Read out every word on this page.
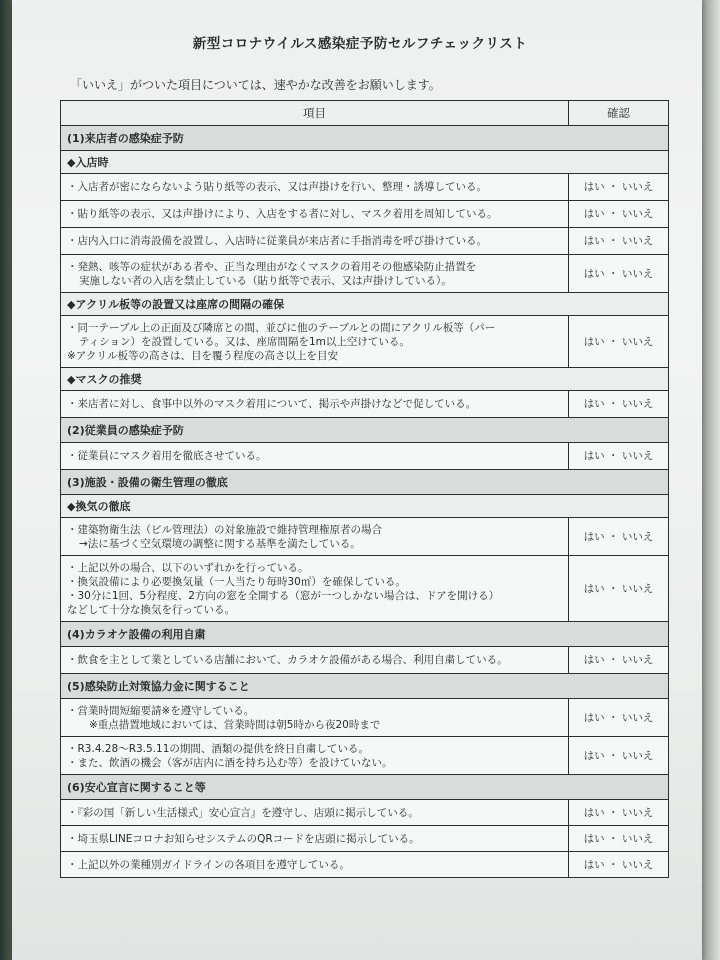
新型コロナウイルス感染症予防セルフチェックリスト
「いいえ」がついた項目については、速やかな改善をお願いします。
項目	確認
(1)来店者の感染症予防	
◆入店時	

・入店者が密にならないよう貼り紙等の表示、又は声掛けを行い、整理・誘導している。	はい ・ いいえ

・貼り紙等の表示、又は声掛けにより、入店をする者に対し、マスク着用を周知している。	はい ・ いいえ

・店内入口に消毒設備を設置し、入店時に従業員が来店者に手指消毒を呼び掛けている。	はい ・ いいえ

・発熱、咳等の症状がある者や、正当な理由がなくマスクの着用その他感染防止措置を
実施しない者の入店を禁止している（貼り紙等で表示、又は声掛けしている）。	はい ・ いいえ
◆アクリル板等の設置又は座席の間隔の確保	

・同一テーブル上の正面及び隣席との間、並びに他のテーブルとの間にアクリル板等（パー
ティション）を設置している。又は、座席間隔を1m以上空けている。
※アクリル板等の高さは、目を覆う程度の高さ以上を目安	はい ・ いいえ
◆マスクの推奨	

・来店者に対し、食事中以外のマスク着用について、掲示や声掛けなどで促している。	はい ・ いいえ
(2)従業員の感染症予防	

・従業員にマスク着用を徹底させている。	はい ・ いいえ
(3)施設・設備の衛生管理の徹底	
◆換気の徹底	

・建築物衛生法（ビル管理法）の対象施設で維持管理権原者の場合
→法に基づく空気環境の調整に関する基準を満たしている。	はい ・ いいえ

・上記以外の場合、以下のいずれかを行っている。
・換気設備により必要換気量（一人当たり毎時30㎥）を確保している。
・30分に1回、5分程度、2方向の窓を全開する（窓が一つしかない場合は、ドアを開ける）
などして十分な換気を行っている。	はい ・ いいえ
(4)カラオケ設備の利用自粛	

・飲食を主として業としている店舗において、カラオケ設備がある場合、利用自粛している。	はい ・ いいえ
(5)感染防止対策協力金に関すること	

・営業時間短縮要請※を遵守している。
※重点措置地域においては、営業時間は朝5時から夜20時まで	はい ・ いいえ

・R3.4.28～R3.5.11の期間、酒類の提供を終日自粛している。
・また、飲酒の機会（客が店内に酒を持ち込む等）を設けていない。	はい ・ いいえ
(6)安心宣言に関すること等	

・『彩の国「新しい生活様式」安心宣言』を遵守し、店頭に掲示している。	はい ・ いいえ

・埼玉県LINEコロナお知らせシステムのQRコードを店頭に掲示している。	はい ・ いいえ

・上記以外の業種別ガイドラインの各項目を遵守している。	はい ・ いいえ
